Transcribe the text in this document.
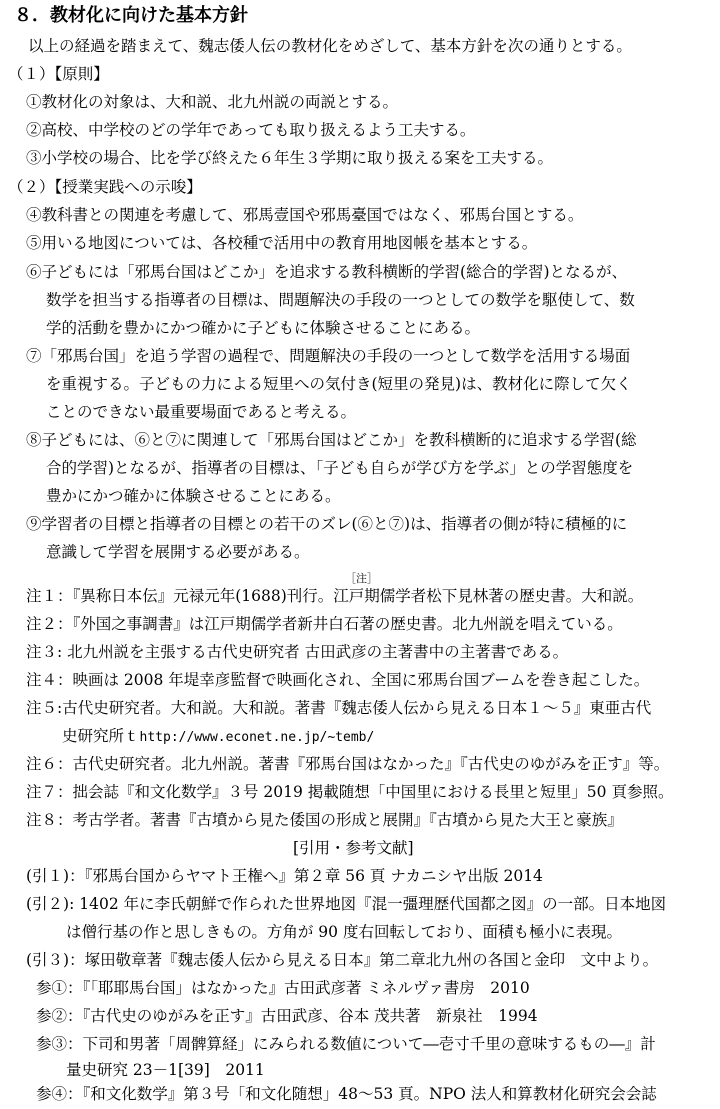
８．教材化に向けた基本方針
以上の経過を踏まえて、魏志倭人伝の教材化をめざして、基本方針を次の通りとする。
（１）【原則】
①教材化の対象は、大和説、北九州説の両説とする。
②高校、中学校のどの学年であっても取り扱えるよう工夫する。
③小学校の場合、比を学び終えた６年生３学期に取り扱える案を工夫する。
（２）【授業実践への示唆】
④教科書との関連を考慮して、邪馬壹国や邪馬臺国ではなく、邪馬台国とする。
⑤用いる地図については、各校種で活用中の教育用地図帳を基本とする。
⑥子どもには「邪馬台国はどこか」を追求する教科横断的学習(総合的学習)となるが、
数学を担当する指導者の目標は、問題解決の手段の一つとしての数学を駆使して、数
学的活動を豊かにかつ確かに子どもに体験させることにある。
⑦「邪馬台国」を追う学習の過程で、問題解決の手段の一つとして数学を活用する場面
を重視する。子どもの力による短里への気付き(短里の発見)は、教材化に際して欠く
ことのできない最重要場面であると考える。
⑧子どもには、⑥と⑦に関連して「邪馬台国はどこか」を教科横断的に追求する学習(総
合的学習)となるが、指導者の目標は、「子ども自らが学び方を学ぶ」との学習態度を
豊かにかつ確かに体験させることにある。
⑨学習者の目標と指導者の目標との若干のズレ(⑥と⑦)は、指導者の側が特に積極的に
意識して学習を展開する必要がある。
［注］
注１：『異称日本伝』元禄元年(1688)刊行。江戸期儒学者松下見林著の歴史書。大和説。
注２：『外国之事調書』は江戸期儒学者新井白石著の歴史書。北九州説を唱えている。
注３: 北九州説を主張する古代史研究者 古田武彦の主著書中の主著書である。
注４：映画は 2008 年堤幸彦監督で映画化され、全国に邪馬台国ブームを巻き起こした。
注５:古代史研究者。大和説。大和説。著書『魏志倭人伝から見える日本１～５』東亜古代
史研究所ｔhttp://www.econet.ne.jp/~temb/
注６：古代史研究者。北九州説。著書『邪馬台国はなかった』『古代史のゆがみを正す』等。
注７：拙会誌『和文化数学』３号 2019 掲載随想「中国里における長里と短里」50 頁参照。
注８：考古学者。著書『古墳から見た倭国の形成と展開』『古墳から見た大王と豪族』
[引用・参考文献]
(引１)：『邪馬台国からヤマト王権へ』第２章 56 頁 ナカニシヤ出版 2014
(引２): 1402 年に李氏朝鮮で作られた世界地図『混一彊理歴代国都之図』の一部。日本地図
は僧行基の作と思しきもの。方角が 90 度右回転しており、面積も極小に表現。
(引３)：塚田敬章著『魏志倭人伝から見える日本』第二章北九州の各国と金印　文中より。
参①：『「耶耶馬台国」はなかった』古田武彦著 ミネルヴァ書房　2010
参②：『古代史のゆがみを正す』古田武彦、谷本 茂共著　新泉社　1994
参③：下司和男著「周髀算経」にみられる数値について―壱寸千里の意味するもの―』計
量史研究 23－1[39]　2011
参④：『和文化数学』第３号「和文化随想」48～53 頁。NPO 法人和算教材化研究会会誌
